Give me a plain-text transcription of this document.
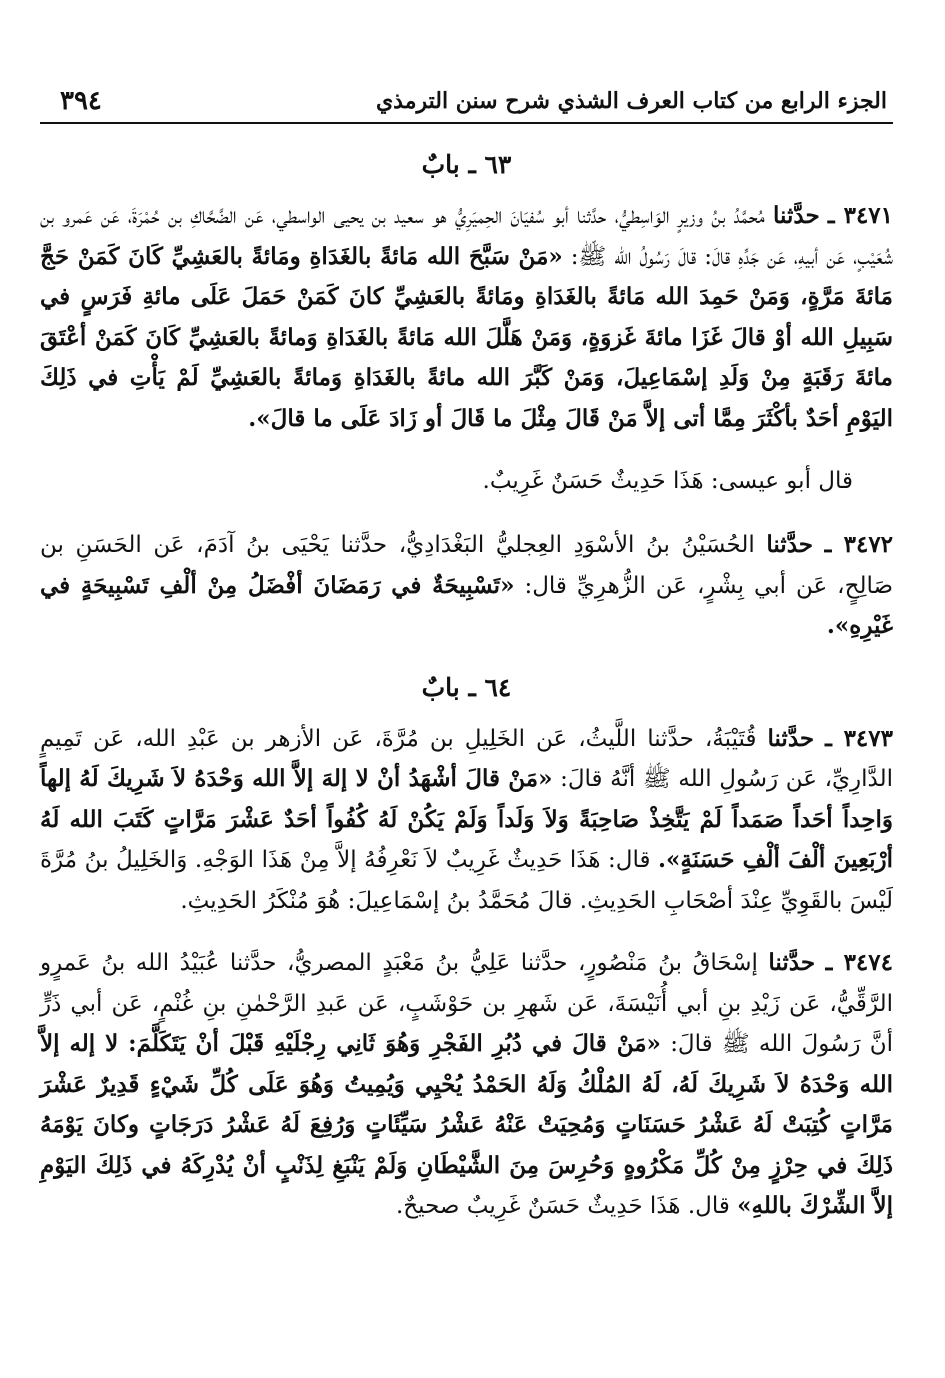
الجزء الرابع من كتاب العرف الشذي شرح سنن الترمذي
٣٩٤
٦٣ ـ بابٌ

٣٤٧١ ـ حدَّثنا مُحمَّدُ بنُ وزيرٍ الوَاسِطيُّ، حدَّثنا أبو سُفيَانَ الحِميَرِيُّ هو سعيد بن يحيى الواسطي، عَن الضَّحَّاكِ بن حُمْرَةَ، عَن عَمرو بن شُعَيْبٍ، عَن أبيهِ، عَن جَدِّهِ قالَ: قالَ رَسُولُ الله ﷺ: «مَنْ سَبَّحَ الله مَائةً بالغَدَاةِ ومَائةً بالعَشِيِّ كَانَ كَمَنْ حَجَّ مَائةَ مَرَّةٍ، وَمَنْ حَمِدَ الله مَائةً بالغَدَاةِ ومَائةً بالعَشِيِّ كانَ كَمَنْ حَمَلَ عَلَى مائةِ فَرَسٍ في سَبِيلِ الله أوْ قالَ غَزَا مائةَ غَزوَةٍ، وَمَنْ هَلَّلَ الله مَائةً بالغَدَاةِ وَمائةً بالعَشِيِّ كَانَ كَمَنْ أعْتَقَ مائةَ رَقَبَةٍ مِنْ وَلَدِ إسْمَاعِيلَ، وَمَنْ كَبَّرَ الله مائةً بالغَدَاةِ وَمائةً بالعَشِيِّ لَمْ يَأْتِ في ذَلِكَ اليَوْمِ أحَدٌ بأكْثَرَ مِمَّا أتى إلاَّ مَنْ قَالَ مِثْلَ ما قَالَ أو زَادَ عَلَى ما قالَ».

قال أبو عيسى: هَذَا حَدِيثٌ حَسَنٌ غَرِيبٌ.

٣٤٧٢ ـ حدَّثنا الحُسَيْنُ بنُ الأسْوَدِ العِجليُّ البَغْدَادِيُّ، حدَّثنا يَحْيَى بنُ آدَمَ، عَن الحَسَنِ بن صَالِحٍ، عَن أبي بِشْرٍ، عَن الزُّهرِيِّ قال: «تَسْبِيحَةٌ في رَمَضَانَ أفْضَلُ مِنْ ألْفِ تَسْبِيحَةٍ في غَيْرِهِ».

٦٤ ـ بابٌ

٣٤٧٣ ـ حدَّثنا قُتَيْبَةُ، حدَّثنا اللَّيثُ، عَن الخَلِيلِ بن مُرَّةَ، عَن الأزهر بن عَبْدِ الله، عَن تَمِيمٍ الدَّارِيِّ، عَن رَسُولِ الله ﷺ أنَّهُ قالَ: «مَنْ قالَ أشْهَدُ أنْ لا إلهَ إلاَّ الله وَحْدَهُ لاَ شَرِيكَ لَهُ إلهاً وَاحِداً أحَداً صَمَداً لَمْ يَتَّخِذْ صَاحِبَةً وَلاَ وَلَداً وَلَمْ يَكُنْ لَهُ كُفُواً أحَدٌ عَشْرَ مَرَّاتٍ كَتَبَ الله لَهُ أرْبَعِينَ ألْفَ ألْفِ حَسَنَةٍ». قال: هَذَا حَدِيثٌ غَرِيبٌ لاَ نَعْرِفُهُ إلاَّ مِنْ هَذَا الوَجْهِ. وَالخَلِيلُ بنُ مُرَّةَ لَيْسَ بالقَوِيِّ عِنْدَ أصْحَابِ الحَدِيثِ. قالَ مُحَمَّدُ بنُ إسْمَاعِيلَ: هُوَ مُنْكَرُ الحَدِيثِ.

٣٤٧٤ ـ حدَّثنا إسْحَاقُ بنُ مَنْصُورٍ، حدَّثنا عَلِيُّ بنُ مَعْبَدٍ المصريُّ، حدَّثنا عُبَيْدُ الله بنُ عَمرٍو الرَّقِّيُّ، عَن زَيْدِ بنِ أبي أُنَيْسَةَ، عَن شَهرِ بن حَوْشَبٍ، عَن عَبدِ الرَّحْمٰنِ بنِ غُنْمٍ، عَن أبي ذَرٍّ أنَّ رَسُولَ الله ﷺ قالَ: «مَنْ قالَ في دُبُرِ الفَجْرِ وَهُوَ ثَانِي رِجْلَيْهِ قَبْلَ أنْ يَتَكَلَّمَ: لا إله إلاَّ الله وَحْدَهُ لاَ شَرِيكَ لَهُ، لَهُ المُلْكُ وَلَهُ الحَمْدُ يُحْيِي وَيُمِيتُ وَهُوَ عَلَى كُلِّ شَيْءٍ قَدِيرٌ عَشْرَ مَرَّاتٍ كُتِبَتْ لَهُ عَشْرُ حَسَنَاتٍ وَمُحِيَتْ عَنْهُ عَشْرُ سَيِّئَاتٍ وَرُفِعَ لَهُ عَشْرُ دَرَجَاتٍ وكانَ يَوْمَهُ ذَلِكَ في حِرْزٍ مِنْ كُلِّ مَكْرُوهٍ وَحُرِسَ مِنَ الشَّيْطَانِ وَلَمْ يَنْبَغِ لِذَنْبٍ أنْ يُدْرِكَهُ في ذَلِكَ اليَوْمِ إلاَّ الشِّرْكَ باللهِ» قال. هَذَا حَدِيثٌ حَسَنٌ غَرِيبٌ صحيحٌ.
